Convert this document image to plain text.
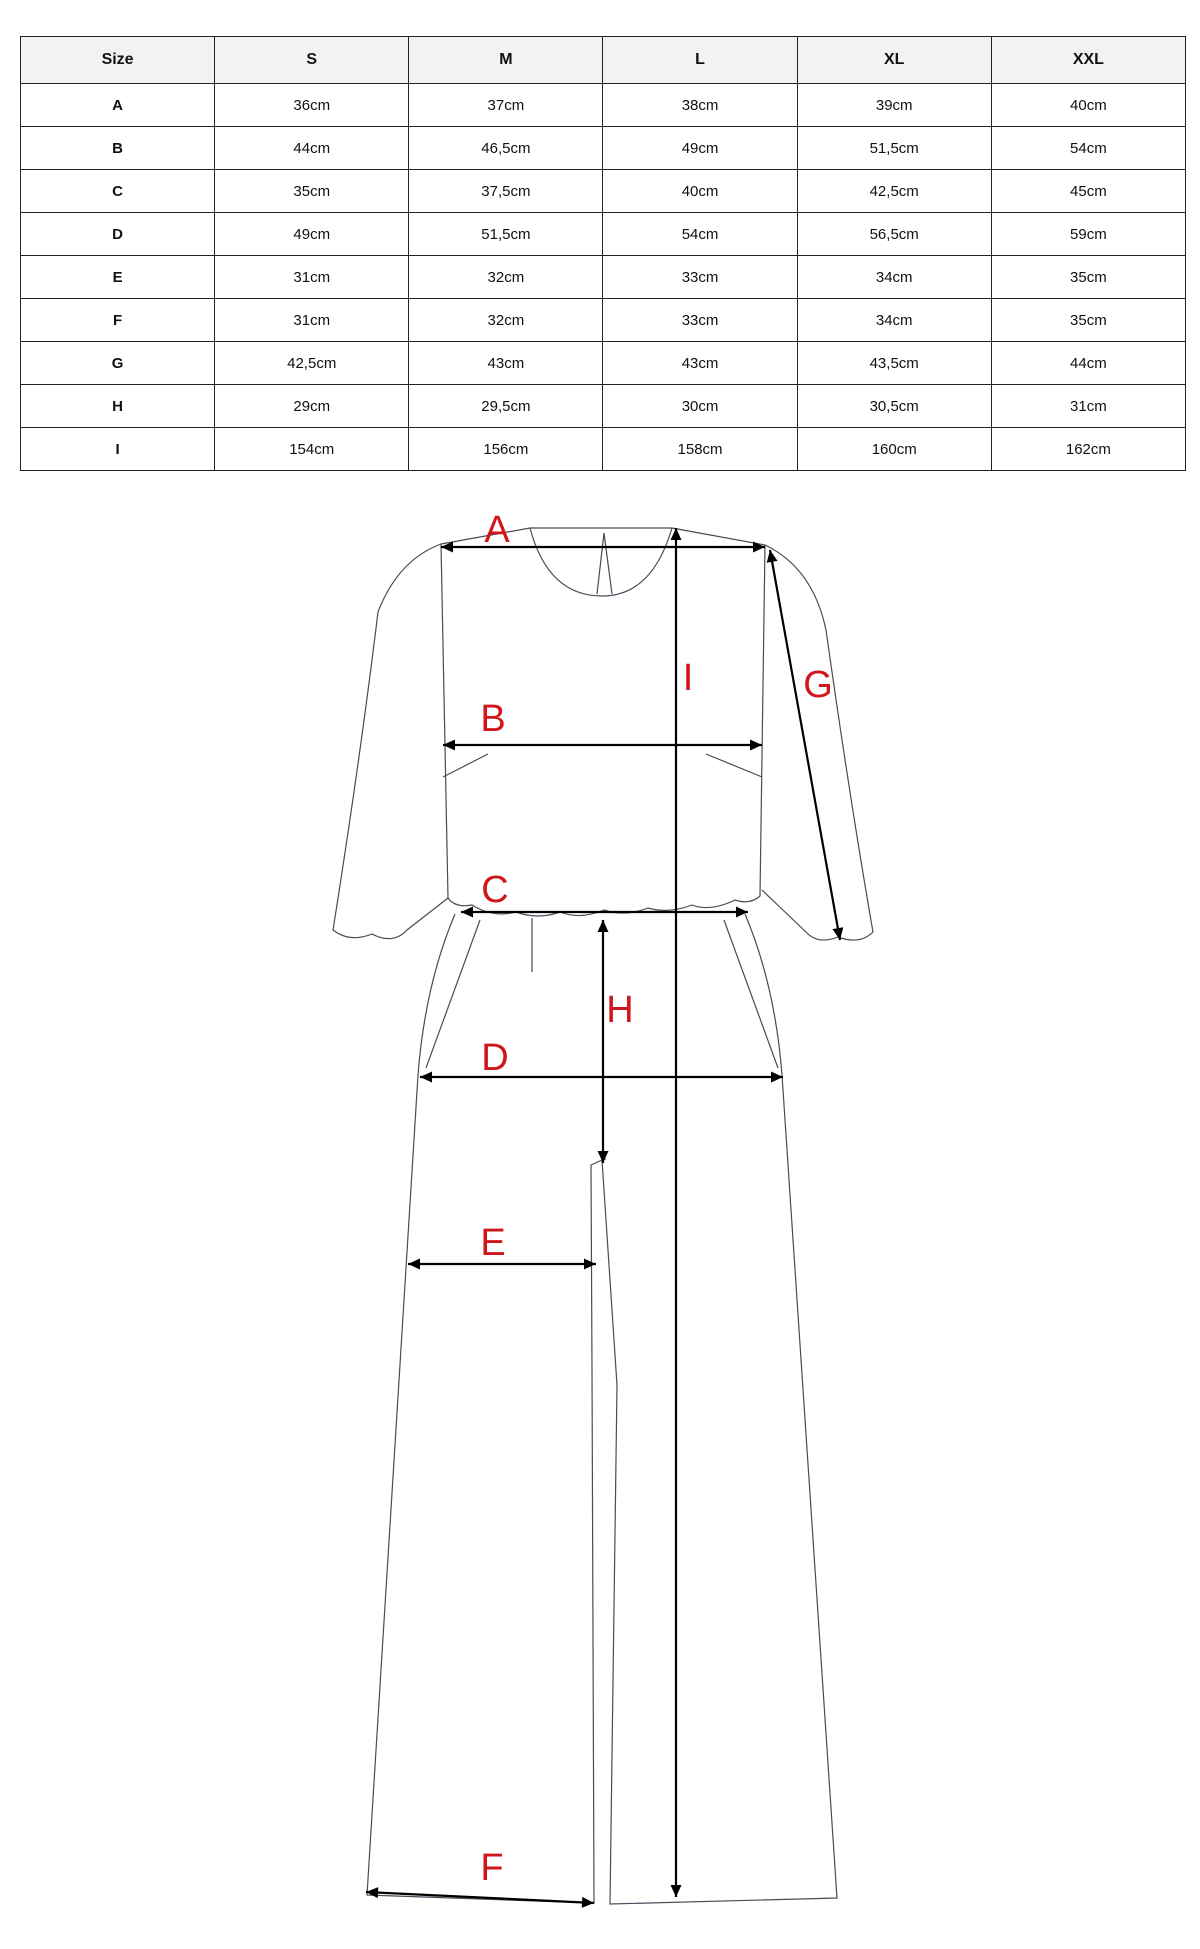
Size	S	M	L	XL	XXL
A	36cm	37cm	38cm	39cm	40cm
B	44cm	46,5cm	49cm	51,5cm	54cm
C	35cm	37,5cm	40cm	42,5cm	45cm
D	49cm	51,5cm	54cm	56,5cm	59cm
E	31cm	32cm	33cm	34cm	35cm
F	31cm	32cm	33cm	34cm	35cm
G	42,5cm	43cm	43cm	43,5cm	44cm
H	29cm	29,5cm	30cm	30,5cm	31cm
I	154cm	156cm	158cm	160cm	162cm
A
B
C
D
E
F
G
H
I
